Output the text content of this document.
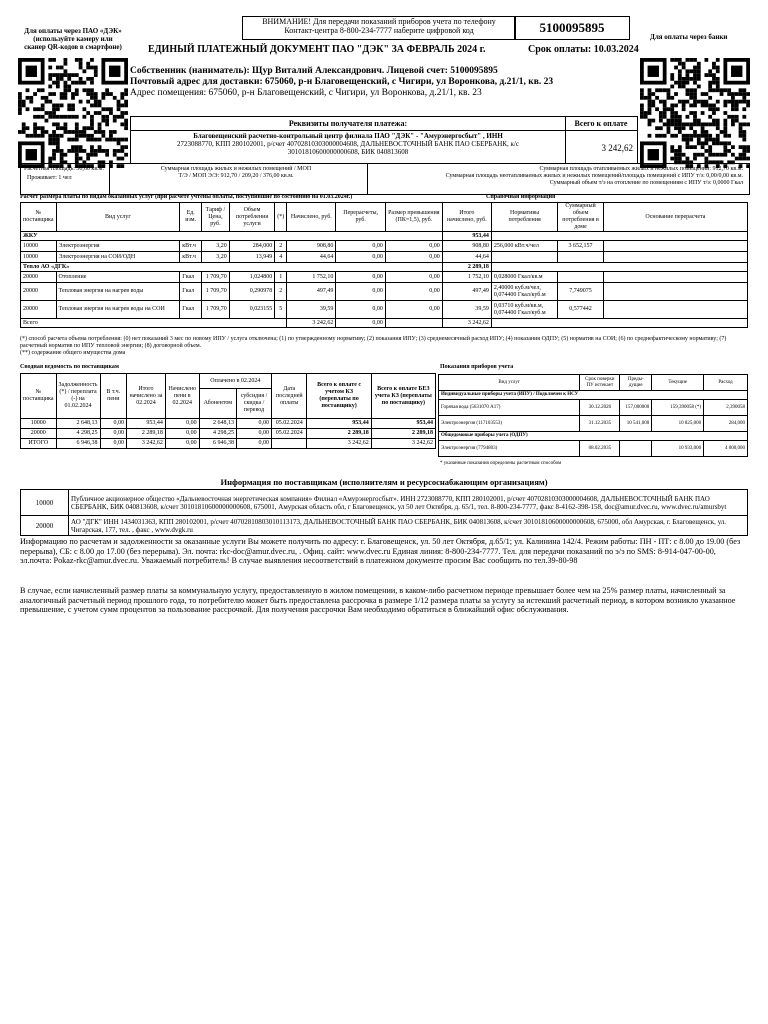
Для оплаты через ПАО «ДЭК»
(используйте камеру или
сканер QR-кодов в смартфоне)
ВНИМАНИЕ! Для передачи показаний приборов учета по телефону
Контакт-центра 8-800-234-7777 наберите цифровой код	5100095895
Для оплаты через банки
ЕДИНЫЙ ПЛАТЕЖНЫЙ ДОКУМЕНТ ПАО "ДЭК" ЗА ФЕВРАЛЬ 2024 г.	Срок оплаты: 10.03.2024
Собственник (наниматель): Щур Виталий Александрович. Лицевой счет: 5100095895
Почтовый адрес для доставки: 675060, р-н Благовещенский, с Чигири, ул Воронкова, д.21/1, кв. 23
Адрес помещения: 675060, р-н Благовещенский, с Чигири, ул Воронкова, д.21/1, кв. 23
Реквизиты получателя платежа:	Всего к оплате
Благовещенский расчетно-контрольный центр филиала ПАО "ДЭК" - "Амурэнергосбыт" , ИНН
2723088770, КПП 280102001, р/счет 40702810303000004608, ДАЛЬНЕВОСТОЧНЫЙ БАНК ПАО СБЕРБАНК, к/с
30101810600000000608, БИК 040813608	3 242,62
Расчетная площадь: 56,60 кв.м.
Проживает: 1 чел
Суммарная площадь жилых и нежилых помещений / МОП
Т/Э / МОП Э/Э: 912,70 / 209,20 / 376,00 кв.м.
Суммарная площадь отапливаемых жилых и нежилых помещений: 912,70 кв.м.
Суммарная площадь неотапливаемых жилых и нежилых помещений/площадь помещений с ИПУ т/э: 0,00/0,00 кв.м.
Суммарный объем т/э на отопление по помещениям с ИПУ т/э: 0,0000 Гкал
Расчет размера платы по видам оказанных услуг (при расчете учтены оплаты, поступившие по состоянию на 01.03.2024г.)	Справочная информация
№ поставщика	Вид услуг	Ед. изм.	Тариф / Цена, руб.	Объем потребления услуги	(*)	Начислено, руб.	Перерасчеты, руб.	Размер превышения (ПК=1,5), руб.	Итого начислено, руб.	Нормативы потребления	Суммарный объем потребления в доме	Основание перерасчета
ЖКУ									953,44			
10000	Электроэнергия	кВт.ч	3,20	284,000	2	908,80	0,00	0,00	908,80	256,000 кВт.ч/чел	3 652,157	
10000	Электроэнергия на СОИ/ОДН	кВт.ч	3,20	13,949	4	44,64	0,00	0,00	44,64			
Тепло АО «ДГК»									2 289,18			
20000	Отопление	Гкал	1 709,70	1,024800	1	1 752,10	0,00	0,00	1 752,10	0,028000 Гкал/кв.м		
20000	Тепловая энергия на нагрев воды	Гкал	1 709,70	0,290978	2	497,49	0,00	0,00	497,49	2,40000 куб.м/чел, 0,074400 Гкал/куб.м	7,749075	
20000	Тепловая энергия на нагрев воды на СОИ	Гкал	1 709,70	0,023155	5	39,59	0,00	0,00	39,59	0,03710 куб.м/кв.м, 0,074400 Гкал/куб.м	0,577442	
Всего						3 242,62	0,00		3 242,62			
(*) способ расчета объема потребления: (0) нет показаний 3 мес по новому ИПУ / услуга отключена; (1) по утвержденному нормативу; (2) показания ИПУ; (3) среднемесячный расход ИПУ; (4) показания ОДПУ; (5) норматив на СОИ; (6) по среднефактическому нормативу; (7) расчетный норматив по ИПУ тепловой энергии; (8) договорной объем.
(**) содержание общего имущества дома
Сводная ведомость по поставщикам
№ поставщика	Задолженность (*) / переплата (-) на 01.02.2024	В т.ч. пени	Итого начислено за 02.2024	Начислено пени в 02.2024	Оплачено в 02.2024		Дата последней оплаты	Всего к оплате с учетом КЗ (переплаты по поставщику)	Всего к оплате БЕЗ учета КЗ (переплаты по поставщику)
					Абонентом	субсидия / скидка / перевод			
10000	2 648,13	0,00	953,44	0,00	2 648,13	0,00	05.02.2024	953,44	953,44
20000	4 298,25	0,00	2 289,18	0,00	4 298,25	0,00	05.02.2024	2 289,18	2 289,18
ИТОГО	6 946,38	0,00	3 242,62	0,00	6 946,38	0,00		3 242,62	3 242,62
Показания приборов учета
Вид услуг	Срок поверки ПУ истекает	Преды-дущие	Текущие	Расход
Индивидуальные приборы учета (ИПУ) / Подключен к НСУ				
Горячая вода (5631070 А17)	30.12.2026	157,000000	159,390058 (*)	2,390058
Электроэнергия (117103553)	31.12.2035	10 541,000	10 825,000	284,000
Общедомовые приборы учета (ОДПУ)				
Электроэнергия (7794803)	08.02.2035		10 933,000	4 000,000
* указанные показания определены расчетным способом
Информация по поставщикам (исполнителям и ресурсоснабжающим организациям)
10000	Публичное акционерное общество «Дальневосточная энергетическая компания» Филиал «Амурэнергосбыт». ИНН 2723088770, КПП 280102001, р/счет 40702810303000004608, ДАЛЬНЕВОСТОЧНЫЙ БАНК ПАО СБЕРБАНК, БИК 040813608, к/счет 30101810600000000608, 675001, Амурская область обл, г Благовещенск, ул 50 лет Октября, д. 65/1, тел. 8-800-234-7777, факс 8-4162-398-158, doc@amur.dvec.ru, www.dvec.ru/amursbyt
20000	АО "ДГК" ИНН 1434031363, КПП 280102001, р/счет 40702810803010113173, ДАЛЬНЕВОСТОЧНЫЙ БАНК ПАО СБЕРБАНК, БИК 040813608, к/счет 30101810600000000608, 675000, обл Амурская, г. Благовещенск, ул. Чигарская, 177, тел. , факс , www.dvgk.ru
Информацию по расчетам и задолженности за оказанные услуги Вы можете получить по адресу: г. Благовещенск, ул. 50 лет Октября, д.65/1; ул. Калинина 142/4. Режим работы: ПН - ПТ: с 8.00 до 19.00 (без перерыва), СБ: с 8.00 до 17.00 (без перерыва). Эл. почта: rkc-doc@amur.dvec.ru, . Офиц. сайт: www.dvec.ru Единая линия: 8-800-234-7777. Тел. для передачи показаний по э/э по SMS: 8-914-047-00-00, эл.почта: Pokaz-rkc@amur.dvec.ru. Уважаемый потребитель! В случае выявления несоответствий в платежном документе просим Вас сообщить по тел.39-80-98
В случае, если начисленный размер платы за коммунальную услугу, предоставленную в жилом помещении, в каком-либо расчетном периоде превышает более чем на 25% размер платы, начисленный за аналогичный расчетный период прошлого года, то потребителю может быть предоставлена рассрочка в размере 1/12 размера платы за услугу за истекший расчетный период, в котором возникло указанное превышение, с учетом сумм процентов за пользование рассрочкой. Для получения рассрочки Вам необходимо обратиться в ближайший офис обслуживания.
